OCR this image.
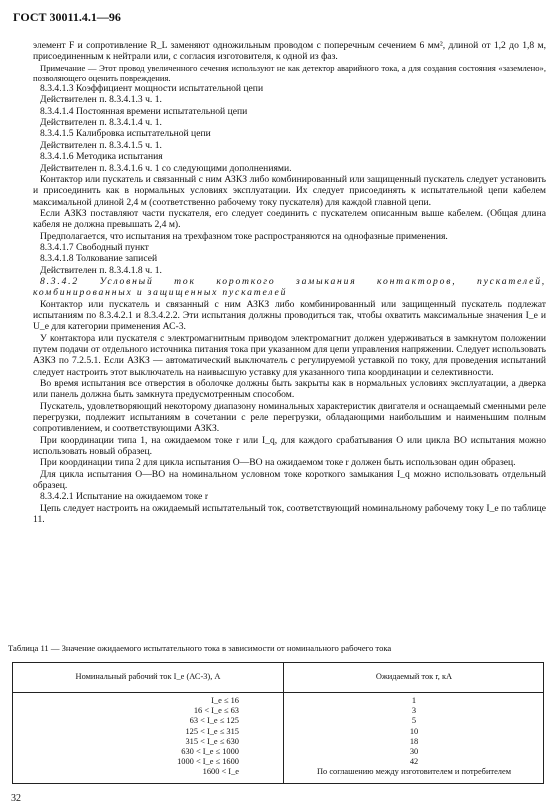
ГОСТ 30011.4.1—96

элемент F и сопротивление R_L заменяют одножильным проводом с поперечным сечением 6 мм², длиной от 1,2 до 1,8 м, присоединенным к нейтрали или, с согласия изготовителя, к одной из фаз.

Примечание — Этот провод увеличенного сечения используют не как детектор аварийного тока, а для создания состояния «заземлено», позволяющего оценить повреждения.

8.3.4.1.3 Коэффициент мощности испытательной цепи

Действителен п. 8.3.4.1.3 ч. 1.

8.3.4.1.4 Постоянная времени испытательной цепи

Действителен п. 8.3.4.1.4 ч. 1.

8.3.4.1.5 Калибровка испытательной цепи

Действителен п. 8.3.4.1.5 ч. 1.

8.3.4.1.6 Методика испытания

Действителен п. 8.3.4.1.6 ч. 1 со следующими дополнениями.

Контактор или пускатель и связанный с ним АЗКЗ либо комбинированный или защищенный пускатель следует установить и присоединить как в нормальных условиях эксплуатации. Их следует присоединять к испытательной цепи кабелем максимальной длиной 2,4 м (соответственно рабочему току пускателя) для каждой главной цепи.

Если АЗКЗ поставляют части пускателя, его следует соединить с пускателем описанным выше кабелем. (Общая длина кабеля не должна превышать 2,4 м).

Предполагается, что испытания на трехфазном токе распространяются на однофазные применения.

8.3.4.1.7 Свободный пункт

8.3.4.1.8 Толкование записей

Действителен п. 8.3.4.1.8 ч. 1.

8.3.4.2 Условный ток короткого замыкания контакторов, пускателей, комбинированных и защищенных пускателей

Контактор или пускатель и связанный с ним АЗКЗ либо комбинированный или защищенный пускатель подлежат испытаниям по 8.3.4.2.1 и 8.3.4.2.2. Эти испытания должны проводиться так, чтобы охватить максимальные значения I_e и U_e для категории применения АС-3.

У контактора или пускателя с электромагнитным приводом электромагнит должен удерживаться в замкнутом положении путем подачи от отдельного источника питания тока при указанном для цепи управления напряжении. Следует использовать АЗКЗ по 7.2.5.1. Если АЗКЗ — автоматический выключатель с регулируемой уставкой по току, для проведения испытаний следует настроить этот выключатель на наивысшую уставку для указанного типа координации и селективности.

Во время испытания все отверстия в оболочке должны быть закрыты как в нормальных условиях эксплуатации, а дверка или панель должна быть замкнута предусмотренным способом.

Пускатель, удовлетворяющий некоторому диапазону номинальных характеристик двигателя и оснащаемый сменными реле перегрузки, подлежит испытаниям в сочетании с реле перегрузки, обладающими наибольшим и наименьшим полным сопротивлением, и соответствующими АЗКЗ.

При координации типа 1, на ожидаемом токе r или I_q, для каждого срабатывания О или цикла ВО испытания можно использовать новый образец.

При координации типа 2 для цикла испытания О—ВО на ожидаемом токе r должен быть использован один образец.

Для цикла испытания О—ВО на номинальном условном токе короткого замыкания I_q можно использовать отдельный образец.

8.3.4.2.1 Испытание на ожидаемом токе r

Цепь следует настроить на ожидаемый испытательный ток, соответствующий номинальному рабочему току I_e по таблице 11.

Таблица 11 — Значение ожидаемого испытательного тока в зависимости от номинального рабочего тока
Номинальный рабочий ток I_e (АС-3), А	Ожидаемый ток r, кА
I_e ≤ 16
16 < I_e ≤ 63
63 < I_e ≤ 125
125 < I_e ≤ 315
315 < I_e ≤ 630
630 < I_e ≤ 1000
1000 < I_e ≤ 1600
1600 < I_e
1
3
5
10
18
30
42
По соглашению между изготовителем и потребителем
32
